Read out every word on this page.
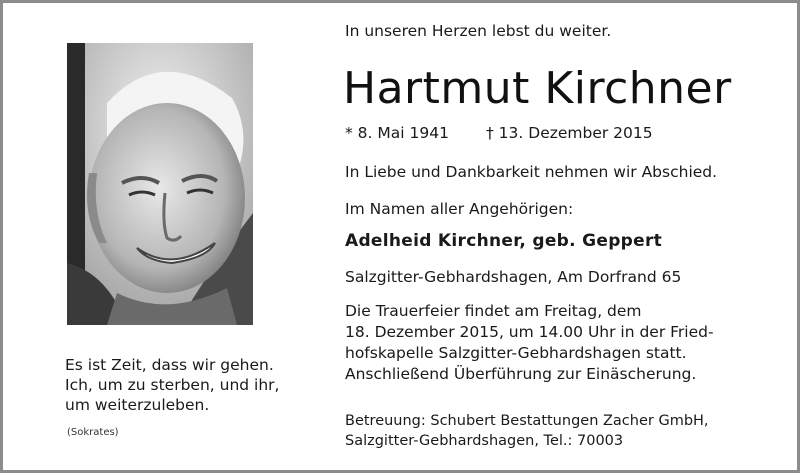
In unseren Herzen lebst du weiter.
Hartmut Kirchner
* 8. Mai 1941 † 13. Dezember 2015
In Liebe und Dankbarkeit nehmen wir Abschied.
Im Namen aller Angehörigen:
Adelheid Kirchner, geb. Geppert
Salzgitter-Gebhardshagen, Am Dorfrand 65
Die Trauerfeier findet am Freitag, dem
18. Dezember 2015, um 14.00 Uhr in der Fried-
hofskapelle Salzgitter-Gebhardshagen statt.
Anschließend Überführung zur Einäscherung.
Betreuung: Schubert Bestattungen Zacher GmbH,
Salzgitter-Gebhardshagen, Tel.: 70003
Es ist Zeit, dass wir gehen.
Ich, um zu sterben, und ihr,
um weiterzuleben.
(Sokrates)
